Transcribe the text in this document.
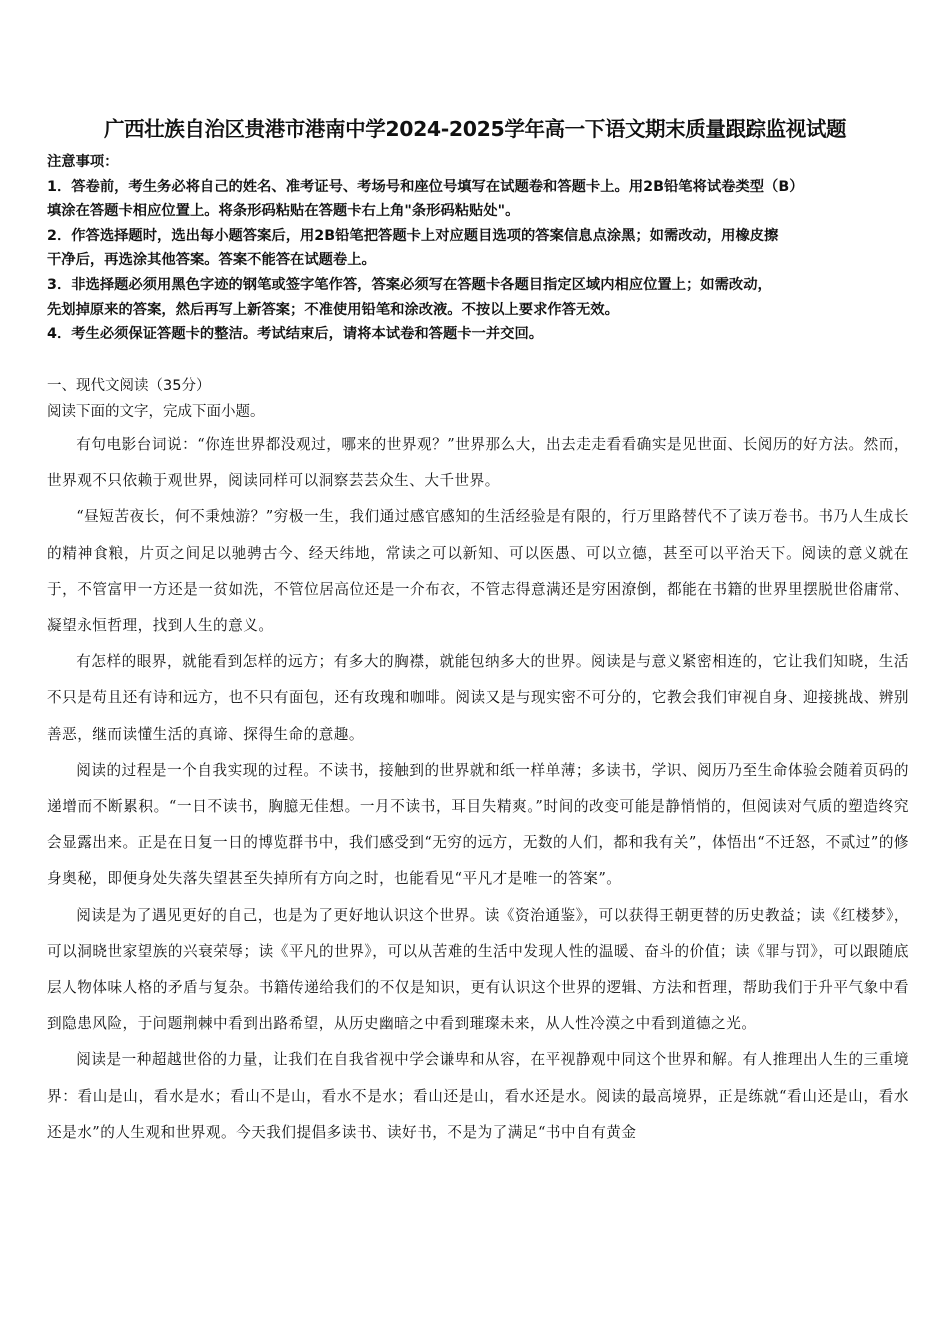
广西壮族自治区贵港市港南中学2024-2025学年高一下语文期末质量跟踪监视试题
注意事项：
1．答卷前，考生务必将自己的姓名、准考证号、考场号和座位号填写在试题卷和答题卡上。用2B铅笔将试卷类型（B）
填涂在答题卡相应位置上。将条形码粘贴在答题卡右上角"条形码粘贴处"。
2．作答选择题时，选出每小题答案后，用2B铅笔把答题卡上对应题目选项的答案信息点涂黑；如需改动，用橡皮擦
干净后，再选涂其他答案。答案不能答在试题卷上。
3．非选择题必须用黑色字迹的钢笔或签字笔作答，答案必须写在答题卡各题目指定区域内相应位置上；如需改动，
先划掉原来的答案，然后再写上新答案；不准使用铅笔和涂改液。不按以上要求作答无效。
4．考生必须保证答题卡的整洁。考试结束后，请将本试卷和答题卡一并交回。
一、现代文阅读（35分）
阅读下面的文字，完成下面小题。

有句电影台词说：“你连世界都没观过，哪来的世界观？”世界那么大，出去走走看看确实是见世面、长阅历的好方法。然而，世界观不只依赖于观世界，阅读同样可以洞察芸芸众生、大千世界。

“昼短苦夜长，何不秉烛游？”穷极一生，我们通过感官感知的生活经验是有限的，行万里路替代不了读万卷书。书乃人生成长的精神食粮，片页之间足以驰骋古今、经天纬地，常读之可以新知、可以医愚、可以立德，甚至可以平治天下。阅读的意义就在于，不管富甲一方还是一贫如洗，不管位居高位还是一介布衣，不管志得意满还是穷困潦倒，都能在书籍的世界里摆脱世俗庸常、凝望永恒哲理，找到人生的意义。

有怎样的眼界，就能看到怎样的远方；有多大的胸襟，就能包纳多大的世界。阅读是与意义紧密相连的，它让我们知晓，生活不只是苟且还有诗和远方，也不只有面包，还有玫瑰和咖啡。阅读又是与现实密不可分的，它教会我们审视自身、迎接挑战、辨别善恶，继而读懂生活的真谛、探得生命的意趣。

阅读的过程是一个自我实现的过程。不读书，接触到的世界就和纸一样单薄；多读书，学识、阅历乃至生命体验会随着页码的递增而不断累积。“一日不读书，胸臆无佳想。一月不读书，耳目失精爽。”时间的改变可能是静悄悄的，但阅读对气质的塑造终究会显露出来。正是在日复一日的博览群书中，我们感受到“无穷的远方，无数的人们，都和我有关”，体悟出“不迁怒，不贰过”的修身奥秘，即便身处失落失望甚至失掉所有方向之时，也能看见“平凡才是唯一的答案”。

阅读是为了遇见更好的自己，也是为了更好地认识这个世界。读《资治通鉴》，可以获得王朝更替的历史教益；读《红楼梦》，可以洞晓世家望族的兴衰荣辱；读《平凡的世界》，可以从苦难的生活中发现人性的温暖、奋斗的价值；读《罪与罚》，可以跟随底层人物体味人格的矛盾与复杂。书籍传递给我们的不仅是知识，更有认识这个世界的逻辑、方法和哲理，帮助我们于升平气象中看到隐患风险，于问题荆棘中看到出路希望，从历史幽暗之中看到璀璨未来，从人性冷漠之中看到道德之光。

阅读是一种超越世俗的力量，让我们在自我省视中学会谦卑和从容，在平视静观中同这个世界和解。有人推理出人生的三重境界：看山是山，看水是水；看山不是山，看水不是水；看山还是山，看水还是水。阅读的最高境界，正是练就“看山还是山，看水还是水”的人生观和世界观。今天我们提倡多读书、读好书，不是为了满足“书中自有黄金
